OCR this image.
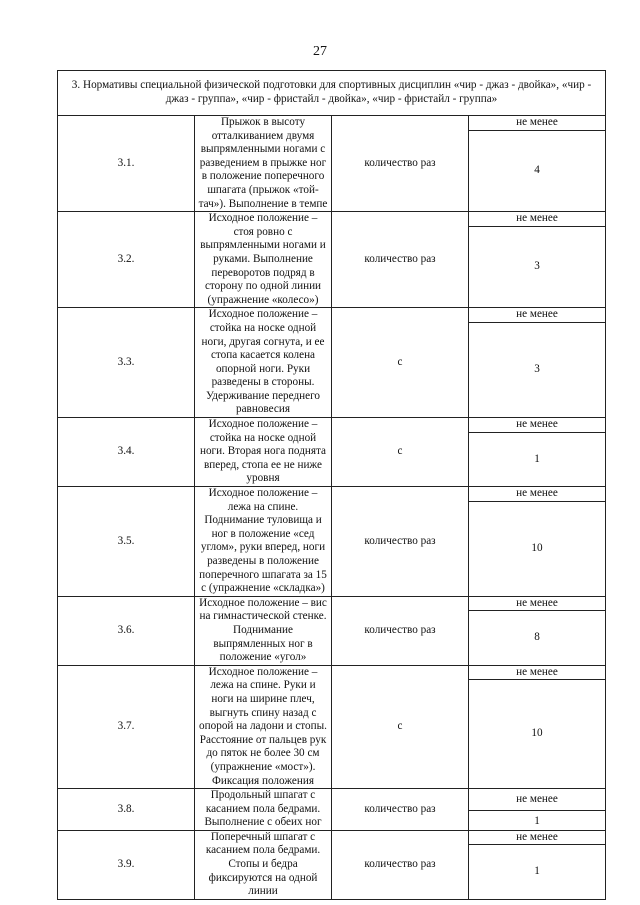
27
3. Нормативы специальной физической подготовки для спортивных дисциплин «чир - джаз - двойка», «чир - джаз - группа», «чир - фристайл - двойка», «чир - фристайл - группа»			
3.1.	Прыжок в высоту отталкиванием двумя выпрямленными ногами с разведением в прыжке ног в положение поперечного шпагата (прыжок «той-тач»). Выполнение в темпе	количество раз	не менее
			4
3.2.	Исходное положение – стоя ровно с выпрямленными ногами и руками. Выполнение переворотов подряд в сторону по одной линии (упражнение «колесо»)	количество раз	не менее
			3
3.3.	Исходное положение – стойка на носке одной ноги, другая согнута, и ее стопа касается колена опорной ноги. Руки разведены в стороны. Удерживание переднего равновесия	с	не менее
			3
3.4.	Исходное положение – стойка на носке одной ноги. Вторая нога поднята вперед, стопа ее не ниже уровня	с	не менее
			1
3.5.	Исходное положение – лежа на спине. Поднимание туловища и ног в положение «сед углом», руки вперед, ноги разведены в положение поперечного шпагата за 15 с (упражнение «складка»)	количество раз	не менее
			10
3.6.	Исходное положение – вис на гимнастической стенке. Поднимание выпрямленных ног в положение «угол»	количество раз	не менее
			8
3.7.	Исходное положение – лежа на спине. Руки и ноги на ширине плеч, выгнуть спину назад с опорой на ладони и стопы. Расстояние от пальцев рук до пяток не более 30 см (упражнение «мост»). Фиксация положения	с	не менее
			10
3.8.	Продольный шпагат с касанием пола бедрами. Выполнение с обеих ног	количество раз	не менее
			1
3.9.	Поперечный шпагат с касанием пола бедрами. Стопы и бедра фиксируются на одной линии	количество раз	не менее
			1
